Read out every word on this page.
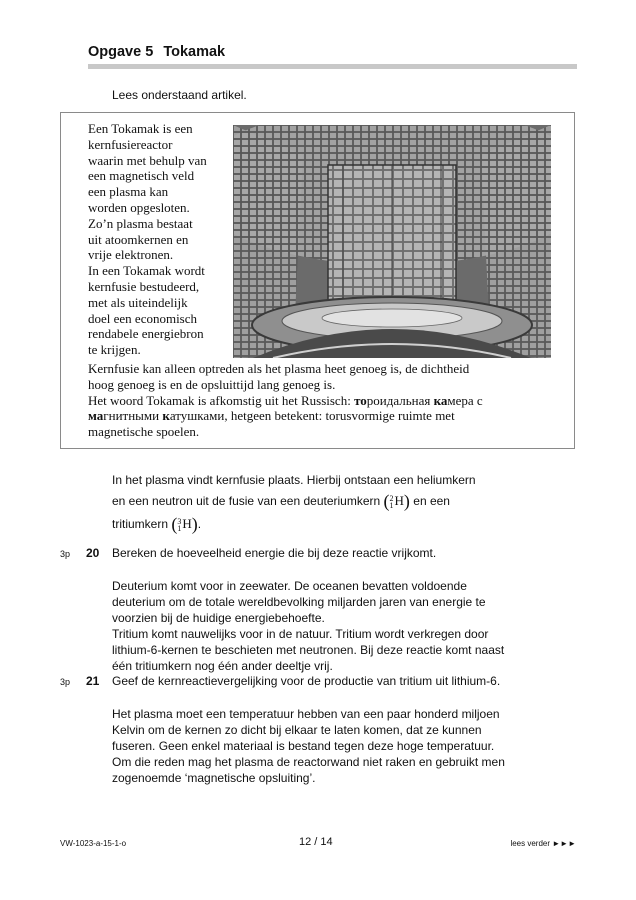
Opgave 5 Tokamak
Lees onderstaand artikel.

Een Tokamak is een

kernfusiereactor

waarin met behulp van

een magnetisch veld

een plasma kan

worden opgesloten.

Zo’n plasma bestaat

uit atoomkernen en

vrije elektronen.

In een Tokamak wordt

kernfusie bestudeerd,

met als uiteindelijk

doel een economisch

rendabele energiebron

te krijgen.

Kernfusie kan alleen optreden als het plasma heet genoeg is, de dichtheid

hoog genoeg is en de opsluittijd lang genoeg is.

Het woord Tokamak is afkomstig uit het Russisch: тороидальная камера с

магнитными катушками, hetgeen betekent: torusvormige ruimte met

magnetische spoelen.

In het plasma vindt kernfusie plaats. Hierbij ontstaan een heliumkern

en een neutron uit de fusie van een deuteriumkern (2
1H) en een

tritiumkern (3
1H).

3p	20	Bereken de hoeveelheid energie die bij deze reactie vrijkomt.

Deuterium komt voor in zeewater. De oceanen bevatten voldoende

deuterium om de totale wereldbevolking miljarden jaren van energie te

voorzien bij de huidige energiebehoefte.

Tritium komt nauwelijks voor in de natuur. Tritium wordt verkregen door

lithium-6-kernen te beschieten met neutronen. Bij deze reactie komt naast

één tritiumkern nog één ander deeltje vrij.

3p	21	Geef de kernreactievergelijking voor de productie van tritium uit lithium-6.

Het plasma moet een temperatuur hebben van een paar honderd miljoen

Kelvin om de kernen zo dicht bij elkaar te laten komen, dat ze kunnen

fuseren. Geen enkel materiaal is bestand tegen deze hoge temperatuur.

Om die reden mag het plasma de reactorwand niet raken en gebruikt men

zogenoemde ‘magnetische opsluiting’.

VW-1023-a-15-1-o	12 / 14	lees verder ►►►
